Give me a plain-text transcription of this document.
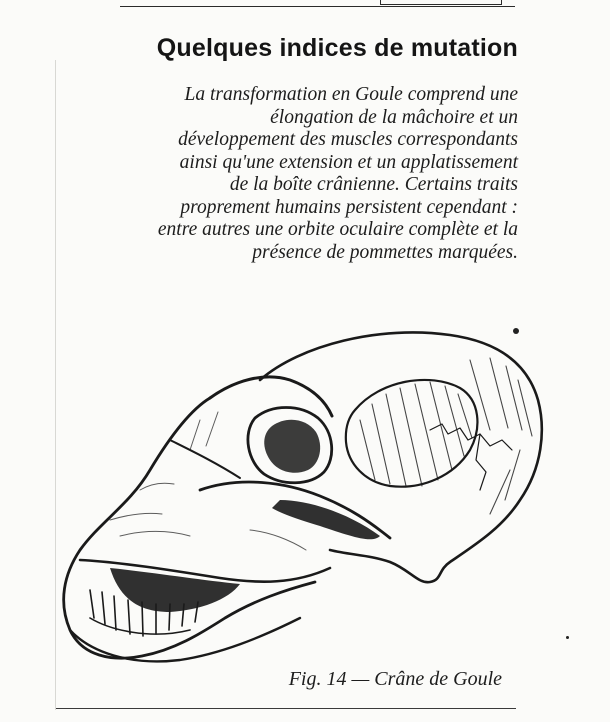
Quelques indices de mutation
La transformation en Goule comprend une
élongation de la mâchoire et un
développement des muscles correspondants
ainsi qu'une extension et un applatissement
de la boîte crânienne. Certains traits
proprement humains persistent cependant :
entre autres une orbite oculaire complète et la
présence de pommettes marquées.
Fig. 14 — Crâne de Goule
